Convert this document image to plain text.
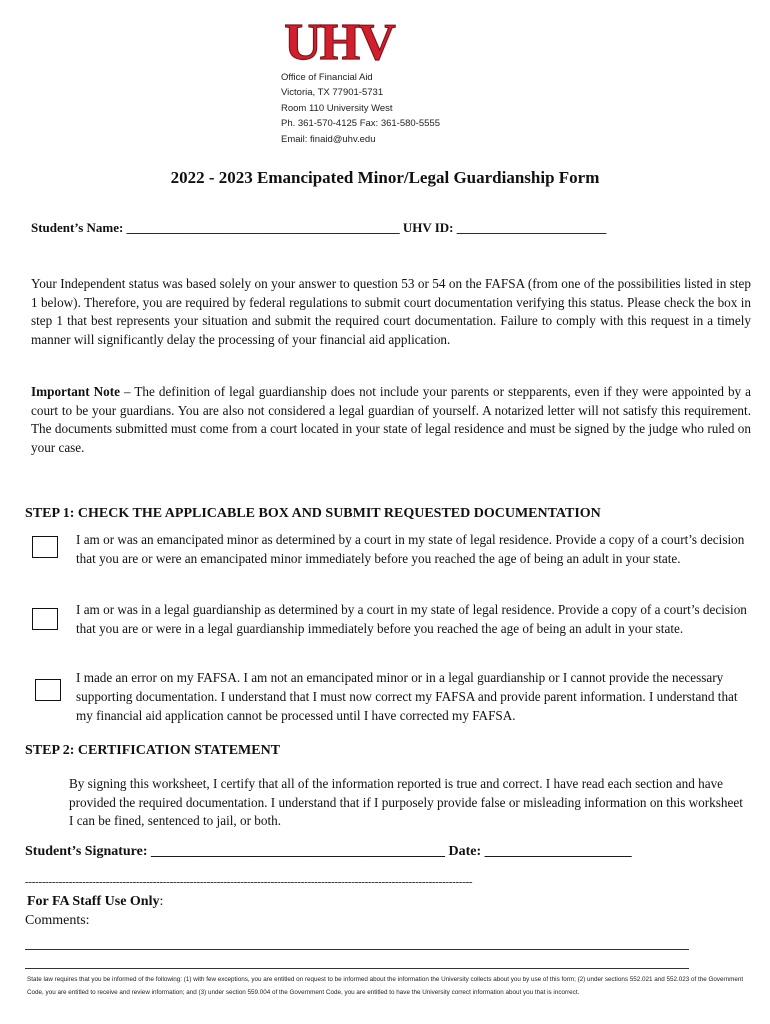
UHV
Office of Financial Aid
Victoria, TX 77901-5731
Room 110 University West
Ph. 361-570-4125 Fax: 361-580-5555
Email: finaid@uhv.edu
2022 - 2023 Emancipated Minor/Legal Guardianship Form
Student’s Name: __________________________________________ UHV ID: _______________________
Your Independent status was based solely on your answer to question 53 or 54 on the FAFSA (from one of the possibilities listed in step 1 below). Therefore, you are required by federal regulations to submit court documentation verifying this status. Please check the box in step 1 that best represents your situation and submit the required court documentation. Failure to comply with this request in a timely manner will significantly delay the processing of your financial aid application.
Important Note – The definition of legal guardianship does not include your parents or stepparents, even if they were appointed by a court to be your guardians. You are also not considered a legal guardian of yourself. A notarized letter will not satisfy this requirement. The documents submitted must come from a court located in your state of legal residence and must be signed by the judge who ruled on your case.
STEP 1: CHECK THE APPLICABLE BOX AND SUBMIT REQUESTED DOCUMENTATION
I am or was an emancipated minor as determined by a court in my state of legal residence. Provide a copy of a court’s decision that you are or were an emancipated minor immediately before you reached the age of being an adult in your state.
I am or was in a legal guardianship as determined by a court in my state of legal residence. Provide a copy of a court’s decision that you are or were in a legal guardianship immediately before you reached the age of being an adult in your state.
I made an error on my FAFSA. I am not an emancipated minor or in a legal guardianship or I cannot provide the necessary supporting documentation. I understand that I must now correct my FAFSA and provide parent information. I understand that my financial aid application cannot be processed until I have corrected my FAFSA.
STEP 2: CERTIFICATION STATEMENT
By signing this worksheet, I certify that all of the information reported is true and correct. I have read each section and have provided the required documentation. I understand that if I purposely provide false or misleading information on this worksheet I can be fined, sentenced to jail, or both.
Student’s Signature: __________________________________________ Date: _____________________
-------------------------------------------------------------------------------------------------------------------------------------
For FA Staff Use Only:
Comments:
State law requires that you be informed of the following: (1) with few exceptions, you are entitled on request to be informed about the information the University collects about you by use of this form; (2) under sections 552.021 and 552.023 of the Government Code, you are entitled to receive and review information; and (3) under section 559.004 of the Government Code, you are entitled to have the University correct information about you that is incorrect.
